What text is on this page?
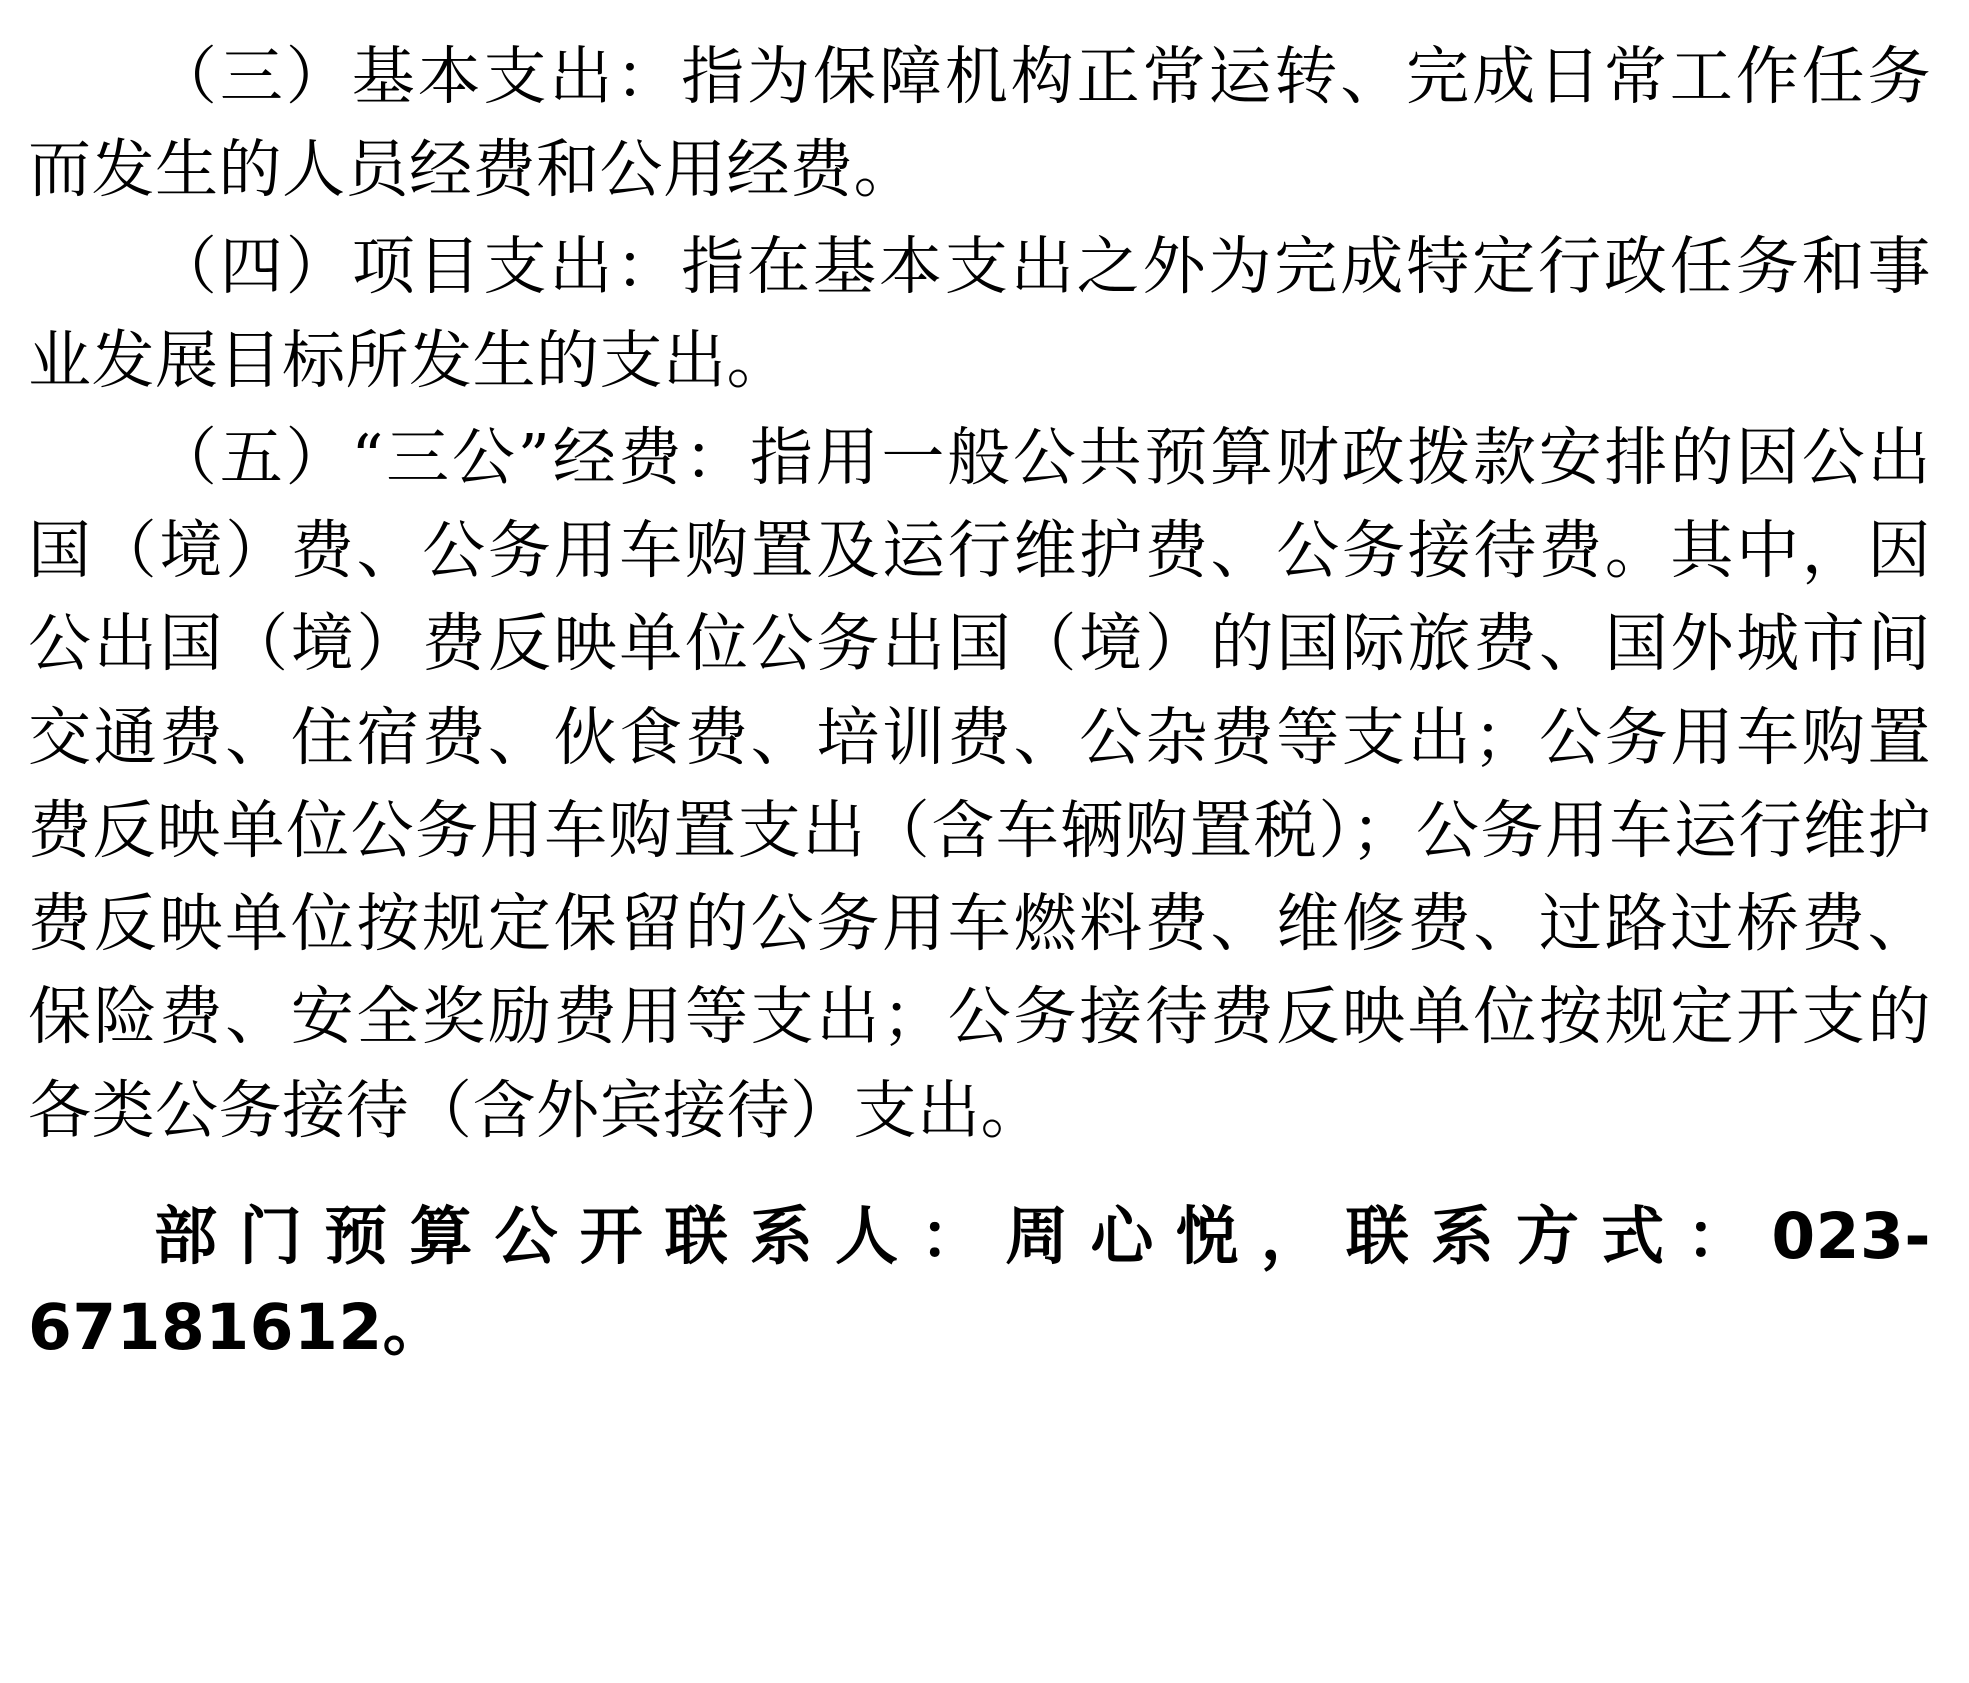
（三）基本支出：指为保障机构正常运转、完成日常工作任务而发生的人员经费和公用经费。

（四）项目支出：指在基本支出之外为完成特定行政任务和事业发展目标所发生的支出。

（五）“三公”经费：指用一般公共预算财政拨款安排的因公出国（境）费、公务用车购置及运行维护费、公务接待费。其中，因公出国（境）费反映单位公务出国（境）的国际旅费、国外城市间交通费、住宿费、伙食费、培训费、公杂费等支出；公务用车购置费反映单位公务用车购置支出（含车辆购置税）；公务用车运行维护费反映单位按规定保留的公务用车燃料费、维修费、过路过桥费、保险费、安全奖励费用等支出；公务接待费反映单位按规定开支的各类公务接待（含外宾接待）支出。

部门预算公开联系人：周心悦，联系方式：023-67181612。
